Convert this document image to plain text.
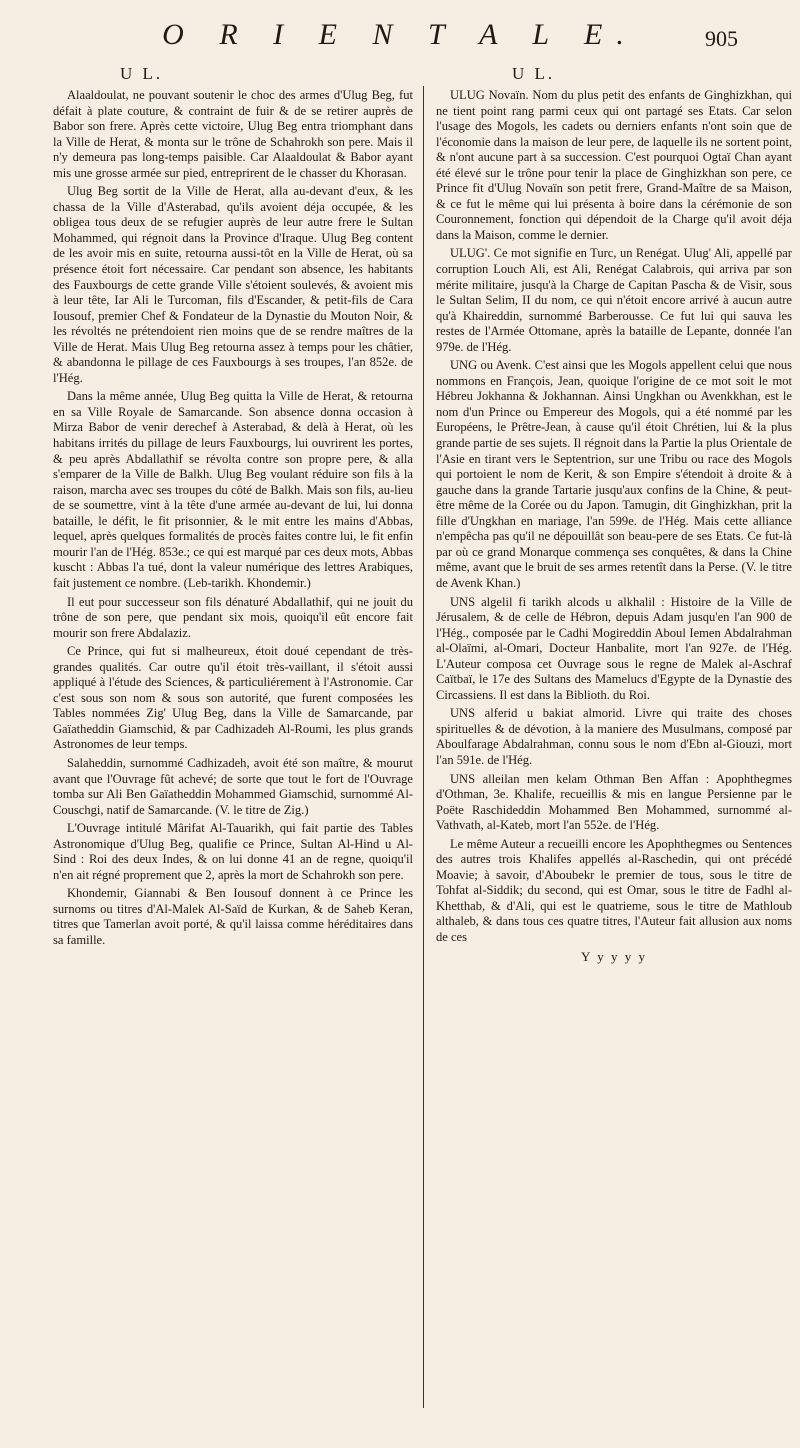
O R I E N T A L E.	905
U L.	U L.

Alaaldoulat, ne pouvant soutenir le choc des armes d'Ulug Beg, fut défait à plate couture, & contraint de fuir & de se retirer auprès de Babor son frere. Après cette victoire, Ulug Beg entra triomphant dans la Ville de Herat, & monta sur le trône de Schahrokh son pere. Mais il n'y demeura pas long-temps paisible. Car Alaaldoulat & Babor ayant mis une grosse armée sur pied, entreprirent de le chasser du Khorasan.

Ulug Beg sortit de la Ville de Herat, alla au-devant d'eux, & les chassa de la Ville d'Asterabad, qu'ils avoient déja occupée, & les obligea tous deux de se refugier auprès de leur autre frere le Sultan Mohammed, qui régnoit dans la Province d'Iraque. Ulug Beg content de les avoir mis en suite, retourna aussi-tôt en la Ville de Herat, où sa présence étoit fort nécessaire. Car pendant son absence, les habitants des Fauxbourgs de cette grande Ville s'étoient soulevés, & avoient mis à leur tête, Iar Ali le Turcoman, fils d'Escander, & petit-fils de Cara Iousouf, premier Chef & Fondateur de la Dynastie du Mouton Noir, & les révoltés ne prétendoient rien moins que de se rendre maîtres de la Ville de Herat. Mais Ulug Beg retourna assez à temps pour les châtier, & abandonna le pillage de ces Fauxbourgs à ses troupes, l'an 852e. de l'Hég.

Dans la même année, Ulug Beg quitta la Ville de Herat, & retourna en sa Ville Royale de Samarcande. Son absence donna occasion à Mirza Babor de venir derechef à Asterabad, & delà à Herat, où les habitans irrités du pillage de leurs Fauxbourgs, lui ouvrirent les portes, & peu après Abdallathif se révolta contre son propre pere, & alla s'emparer de la Ville de Balkh. Ulug Beg voulant réduire son fils à la raison, marcha avec ses troupes du côté de Balkh. Mais son fils, au-lieu de se soumettre, vint à la tête d'une armée au-devant de lui, lui donna bataille, le défit, le fit prisonnier, & le mit entre les mains d'Abbas, lequel, après quelques formalités de procès faites contre lui, le fit enfin mourir l'an de l'Hég. 853e.; ce qui est marqué par ces deux mots, Abbas kuscht : Abbas l'a tué, dont la valeur numérique des lettres Arabiques, fait justement ce nombre. (Leb-tarikh. Khondemir.)

Il eut pour successeur son fils dénaturé Abdallathif, qui ne jouit du trône de son pere, que pendant six mois, quoiqu'il eût encore fait mourir son frere Abdalaziz.

Ce Prince, qui fut si malheureux, étoit doué cependant de très-grandes qualités. Car outre qu'il étoit très-vaillant, il s'étoit aussi appliqué à l'étude des Sciences, & particuliérement à l'Astronomie. Car c'est sous son nom & sous son autorité, que furent composées les Tables nommées Zig' Ulug Beg, dans la Ville de Samarcande, par Gaïatheddin Giamschid, & par Cadhizadeh Al-Roumi, les plus grands Astronomes de leur temps.

Salaheddin, surnommé Cadhizadeh, avoit été son maître, & mourut avant que l'Ouvrage fût achevé; de sorte que tout le fort de l'Ouvrage tomba sur Ali Ben Gaïatheddin Mohammed Giamschid, surnommé Al-Couschgi, natif de Samarcande. (V. le titre de Zig.)

L'Ouvrage intitulé Mârifat Al-Tauarikh, qui fait partie des Tables Astronomique d'Ulug Beg, qualifie ce Prince, Sultan Al-Hind u Al-Sind : Roi des deux Indes, & on lui donne 41 an de regne, quoiqu'il n'en ait régné proprement que 2, après la mort de Schahrokh son pere.

Khondemir, Giannabi & Ben Iousouf donnent à ce Prince les surnoms ou titres d'Al-Malek Al-Saïd de Kurkan, & de Saheb Keran, titres que Tamerlan avoit porté, & qu'il laissa comme héréditaires dans sa famille.

ULUG Novaïn. Nom du plus petit des enfants de Ginghizkhan, qui ne tient point rang parmi ceux qui ont partagé ses Etats. Car selon l'usage des Mogols, les cadets ou derniers enfants n'ont soin que de l'économie dans la maison de leur pere, de laquelle ils ne sortent point, & n'ont aucune part à sa succession. C'est pourquoi Ogtaï Chan ayant été élevé sur le trône pour tenir la place de Ginghizkhan son pere, ce Prince fit d'Ulug Novaïn son petit frere, Grand-Maître de sa Maison, & ce fut le même qui lui présenta à boire dans la cérémonie de son Couronnement, fonction qui dépendoit de la Charge qu'il avoit déja dans la Maison, comme le dernier.

ULUG'. Ce mot signifie en Turc, un Renégat. Ulug' Ali, appellé par corruption Louch Ali, est Ali, Renégat Calabrois, qui arriva par son mérite militaire, jusqu'à la Charge de Capitan Pascha & de Visir, sous le Sultan Selim, II du nom, ce qui n'étoit encore arrivé à aucun autre qu'à Khaireddin, surnommé Barberousse. Ce fut lui qui sauva les restes de l'Armée Ottomane, après la bataille de Lepante, donnée l'an 979e. de l'Hég.

UNG ou Avenk. C'est ainsi que les Mogols appellent celui que nous nommons en François, Jean, quoique l'origine de ce mot soit le mot Hébreu Jokhanna & Jokhannan. Ainsi Ungkhan ou Avenkkhan, est le nom d'un Prince ou Empereur des Mogols, qui a été nommé par les Européens, le Prêtre-Jean, à cause qu'il étoit Chrétien, lui & la plus grande partie de ses sujets. Il régnoit dans la Partie la plus Orientale de l'Asie en tirant vers le Septentrion, sur une Tribu ou race des Mogols qui portoient le nom de Kerit, & son Empire s'étendoit à droite & à gauche dans la grande Tartarie jusqu'aux confins de la Chine, & peut-être même de la Corée ou du Japon. Tamugin, dit Ginghizkhan, prit la fille d'Ungkhan en mariage, l'an 599e. de l'Hég. Mais cette alliance n'empêcha pas qu'il ne dépouillât son beau-pere de ses Etats. Ce fut-là par où ce grand Monarque commença ses conquêtes, & dans la Chine même, avant que le bruit de ses armes retentît dans la Perse. (V. le titre de Avenk Khan.)

UNS algelil fi tarikh alcods u alkhalil : Histoire de la Ville de Jérusalem, & de celle de Hébron, depuis Adam jusqu'en l'an 900 de l'Hég., composée par le Cadhi Mogireddin Aboul Iemen Abdalrahman al-Olaïmi, al-Omari, Docteur Hanbalite, mort l'an 927e. de l'Hég. L'Auteur composa cet Ouvrage sous le regne de Malek al-Aschraf Caïtbaï, le 17e des Sultans des Mamelucs d'Egypte de la Dynastie des Circassiens. Il est dans la Biblioth. du Roi.

UNS alferid u bakiat almorid. Livre qui traite des choses spirituelles & de dévotion, à la maniere des Musulmans, composé par Aboulfarage Abdalrahman, connu sous le nom d'Ebn al-Giouzi, mort l'an 591e. de l'Hég.

UNS alleilan men kelam Othman Ben Affan : Apophthegmes d'Othman, 3e. Khalife, recueillis & mis en langue Persienne par le Poëte Raschideddin Mohammed Ben Mohammed, surnommé al-Vathvath, al-Kateb, mort l'an 552e. de l'Hég.

Le même Auteur a recueilli encore les Apophthegmes ou Sentences des autres trois Khalifes appellés al-Raschedin, qui ont précédé Moavie; à savoir, d'Aboubekr le premier de tous, sous le titre de Tohfat al-Siddik; du second, qui est Omar, sous le titre de Fadhl al-Khetthab, & d'Ali, qui est le quatrieme, sous le titre de Mathloub althaleb, & dans tous ces quatre titres, l'Auteur fait allusion aux noms de ces

Y y y y y
